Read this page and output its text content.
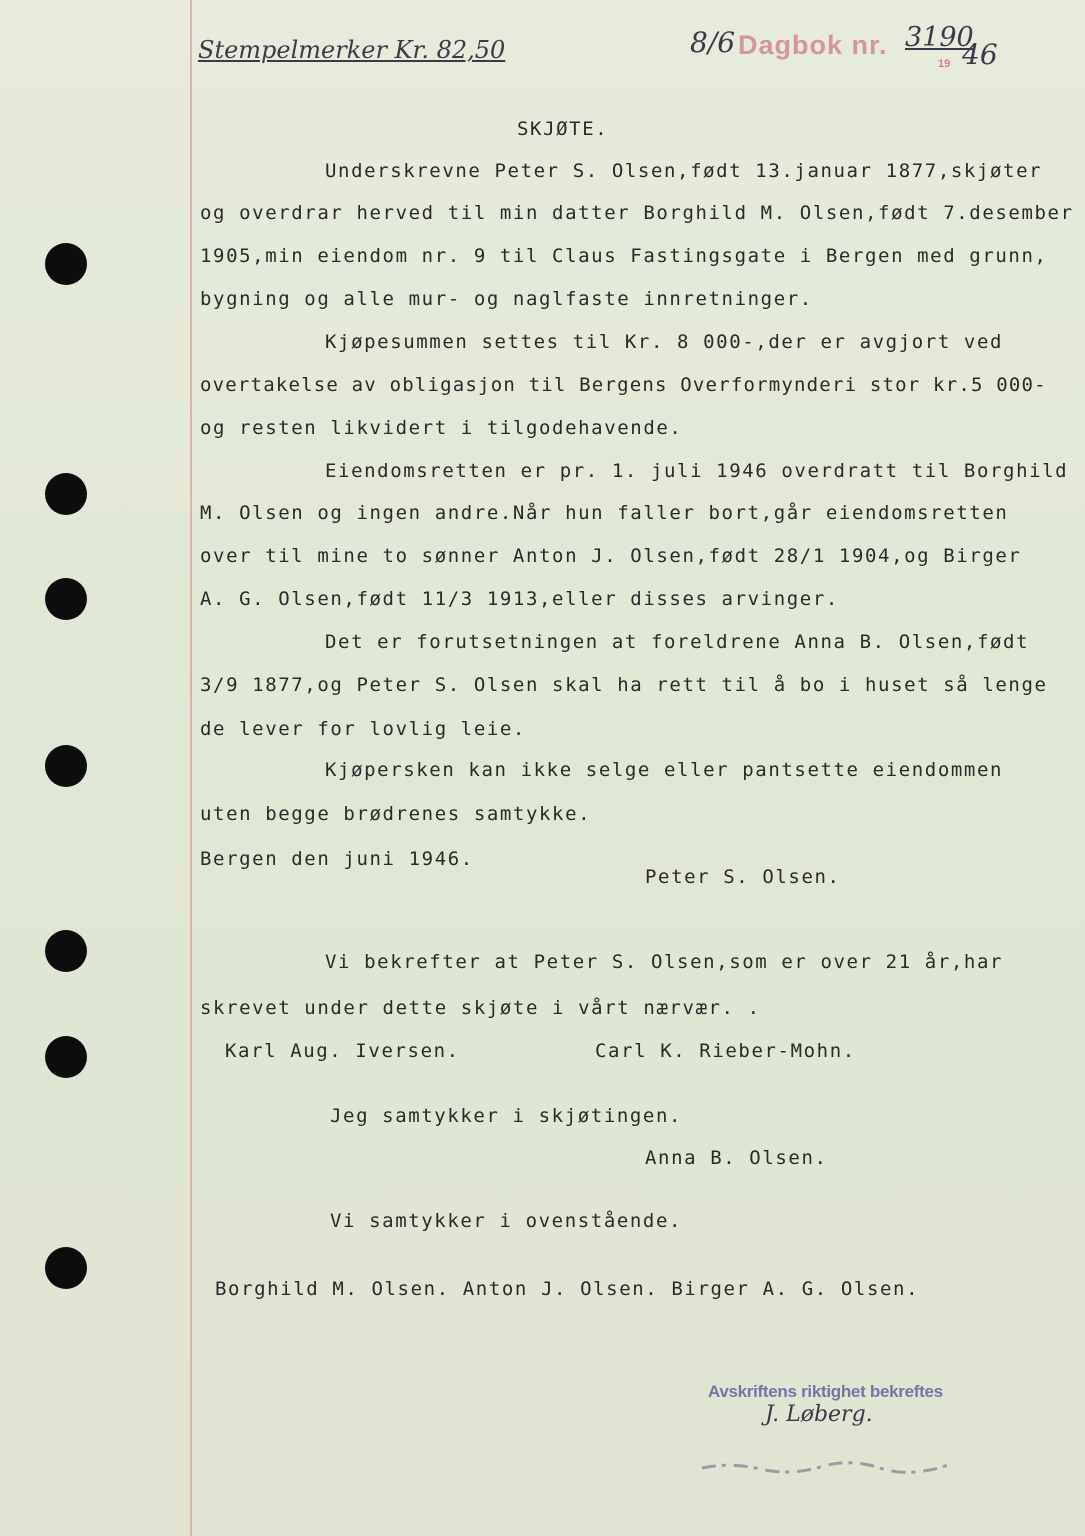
Stempelmerker Kr. 82,50	8/6 Dagbok nr. 3190
19 46
SKJØTE.
Underskrevne Peter S. Olsen,født 13.januar 1877,skjøter
og overdrar herved til min datter Borghild M. Olsen,født 7.desember
1905,min eiendom nr. 9 til Claus Fastingsgate i Bergen med grunn,
bygning og alle mur- og naglfaste innretninger.
Kjøpesummen settes til Kr. 8 000-,der er avgjort ved
overtakelse av obligasjon til Bergens Overformynderi stor kr.5 000-
og resten likvidert i tilgodehavende.
Eiendomsretten er pr. 1. juli 1946 overdratt til Borghild
M. Olsen og ingen andre.Når hun faller bort,går eiendomsretten
over til mine to sønner Anton J. Olsen,født 28/1 1904,og Birger
A. G. Olsen,født 11/3 1913,eller disses arvinger.
Det er forutsetningen at foreldrene Anna B. Olsen,født
3/9 1877,og Peter S. Olsen skal ha rett til å bo i huset så lenge
de lever for lovlig leie.
Kjøpersken kan ikke selge eller pantsette eiendommen
uten begge brødrenes samtykke.
Bergen den juni 1946.
Peter S. Olsen.
Vi bekrefter at Peter S. Olsen,som er over 21 år,har
skrevet under dette skjøte i vårt nærvær. .
Karl Aug. Iversen.	Carl K. Rieber-Mohn.
Jeg samtykker i skjøtingen.
Anna B. Olsen.
Vi samtykker i ovenstående.
Borghild M. Olsen. Anton J. Olsen. Birger A. G. Olsen.
Avskriftens riktighet bekreftes
J. Løberg.
